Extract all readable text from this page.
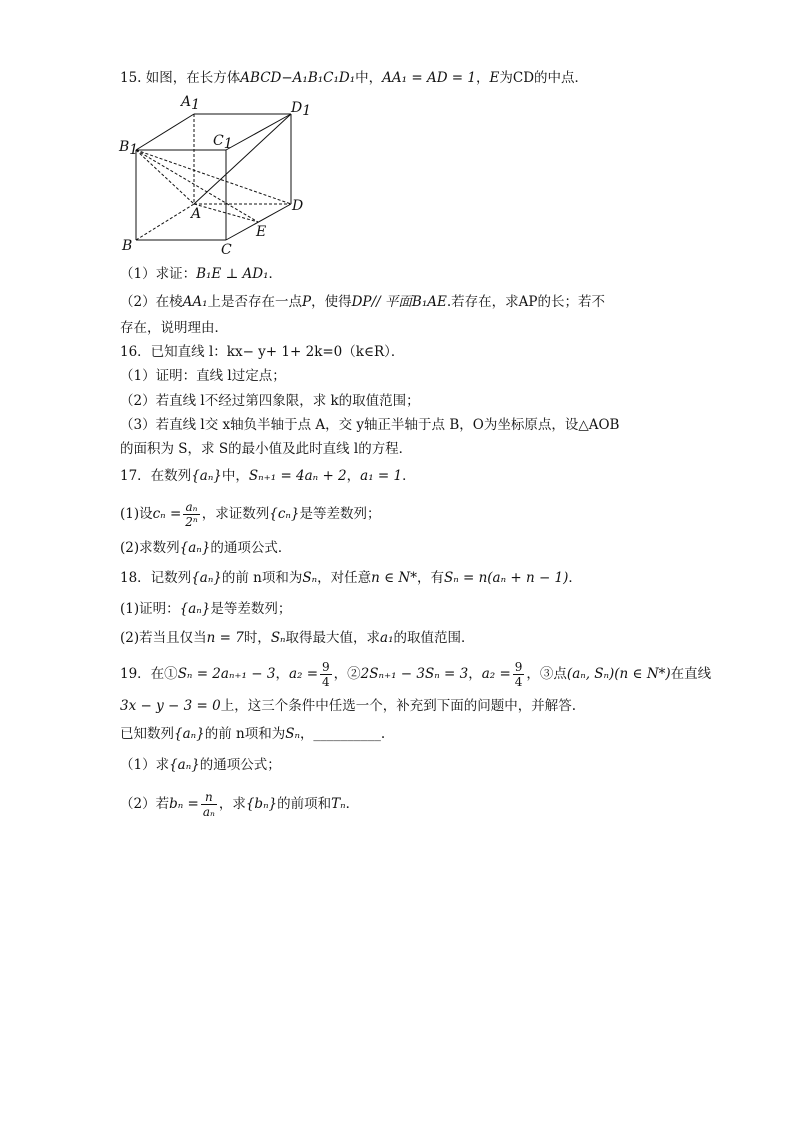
15. 如图，在长方体ABCD−A₁B₁C₁D₁中，AA₁ = AD = 1，E为CD的中点．
A1	D1
C1
B1
A	D
E
B	C
（1）求证：B₁E ⊥ AD₁．
（2）在棱AA₁上是否存在一点P，使得DP// 平面B₁AE.若存在，求AP的长；若不
存在，说明理由．
16．已知直线 l：kx− y+ 1+ 2k=0（k∈R）．
（1）证明：直线 l过定点；
（2）若直线 l不经过第四象限，求 k的取值范围；
（3）若直线 l交 x轴负半轴于点 A，交 y轴正半轴于点 B，O为坐标原点，设△AOB
的面积为 S，求 S的最小值及此时直线 l的方程．
17．在数列{aₙ}中，Sₙ₊₁ = 4aₙ + 2，a₁ = 1．
(1)设$c_n = \frac{\text{aₙ}}{\text{2ⁿ}}$ ，求证数列{cₙ}是等差数列；
(2)求数列{aₙ}的通项公式．
18．记数列{aₙ}的前 n项和为Sₙ，对任意n ∈ N*，有Sₙ = n(aₙ + n − 1)．
(1)证明：{aₙ}是等差数列；
(2)若当且仅当n = 7时，Sₙ取得最大值，求a₁的取值范围．
19．在①Sₙ = 2aₙ₊₁ − 3，$a_2 = \frac{9}{4}$ ，②2Sₙ₊₁ − 3Sₙ = 3，$a_2 = \frac{9}{4}$ ，③点(aₙ, Sₙ)(n ∈ N*)在直线
3x − y − 3 = 0上，这三个条件中任选一个，补充到下面的问题中，并解答.
已知数列{aₙ}的前 n项和为Sₙ，__________.
（1）求{aₙ}的通项公式；
（2）若$b_n = \frac{n}{\text{aₙ}}$ ，求{bₙ}的前项和Tₙ．
